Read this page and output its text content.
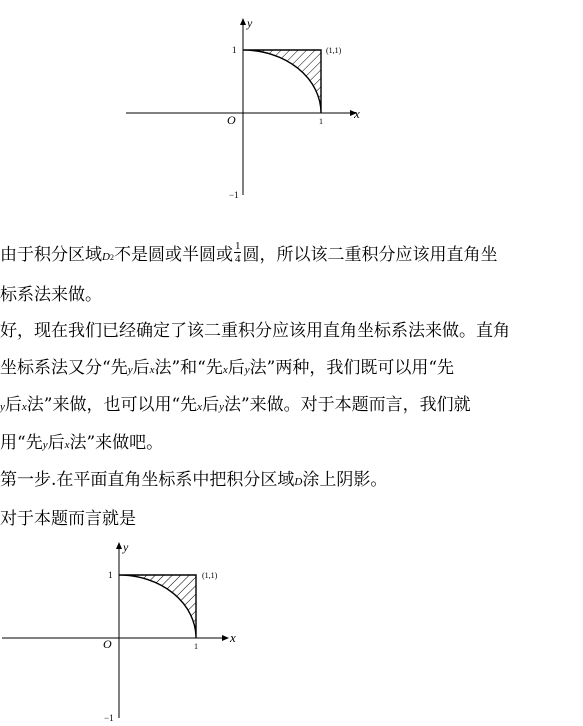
y
x
O
1
1
−1
(1,1)
由于积分区域D2不是圆或半圆或 $\frac{1}{4}$ 圆，所以该二重积分应该用直角坐
标系法来做。
好，现在我们已经确定了该二重积分应该用直角坐标系法来做。直角
坐标系法又分“先y后x法”和“先x后y法”两种，我们既可以用“先
y后x法”来做，也可以用“先x后y法”来做。对于本题而言，我们就
用“先y后x法”来做吧。
第一步.在平面直角坐标系中把积分区域D涂上阴影。
对于本题而言就是
y
x
O
1
1
−1
(1,1)
